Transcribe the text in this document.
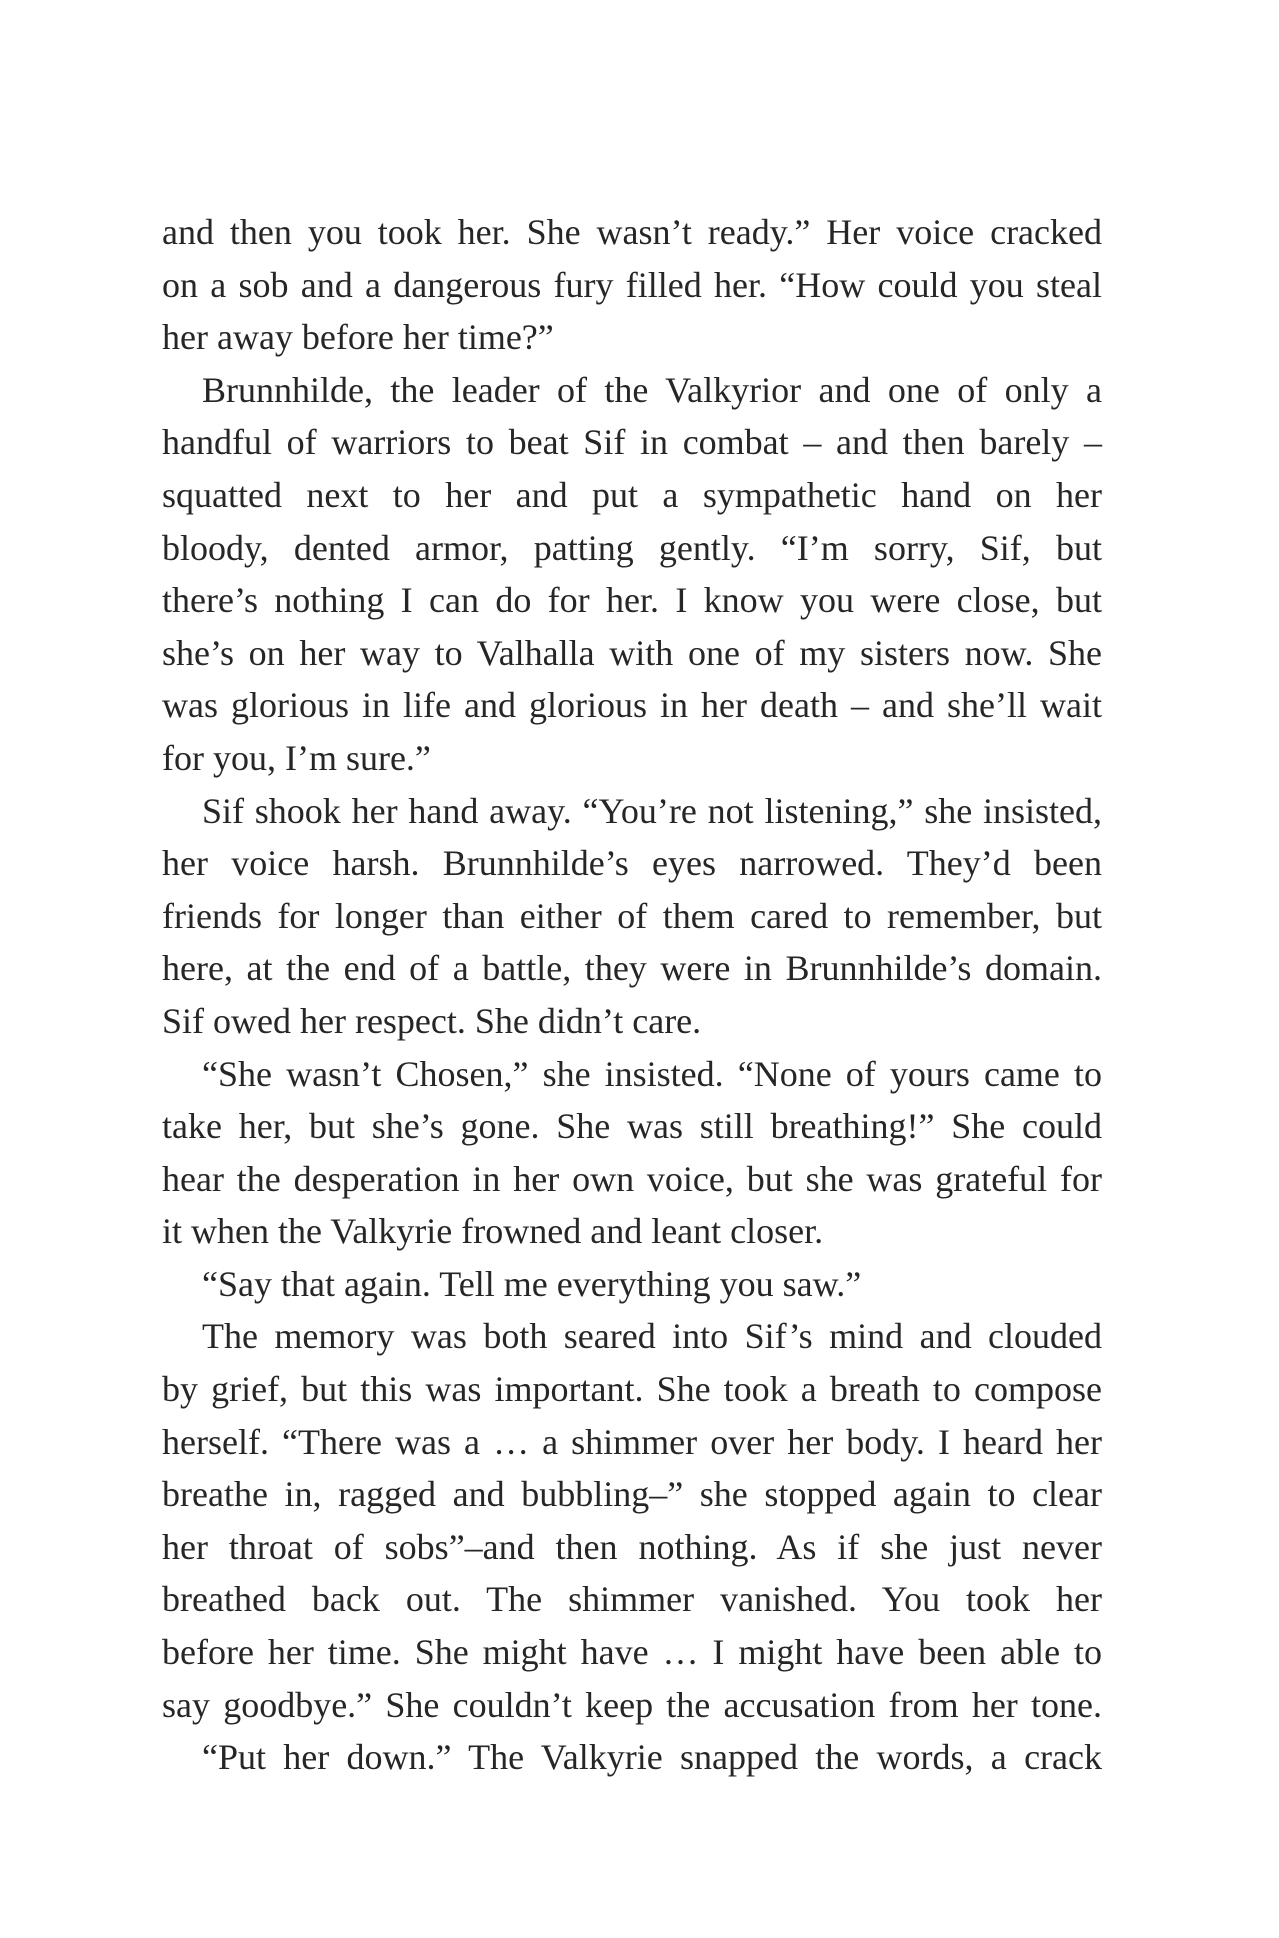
and then you took her. She wasn’t ready.” Her voice cracked
on a sob and a dangerous fury filled her. “How could you steal
her away before her time?”
Brunnhilde, the leader of the Valkyrior and one of only a
handful of warriors to beat Sif in combat – and then barely –
squatted next to her and put a sympathetic hand on her
bloody, dented armor, patting gently. “I’m sorry, Sif, but
there’s nothing I can do for her. I know you were close, but
she’s on her way to Valhalla with one of my sisters now. She
was glorious in life and glorious in her death – and she’ll wait
for you, I’m sure.”
Sif shook her hand away. “You’re not listening,” she insisted,
her voice harsh. Brunnhilde’s eyes narrowed. They’d been
friends for longer than either of them cared to remember, but
here, at the end of a battle, they were in Brunnhilde’s domain.
Sif owed her respect. She didn’t care.
“She wasn’t Chosen,” she insisted. “None of yours came to
take her, but she’s gone. She was still breathing!” She could
hear the desperation in her own voice, but she was grateful for
it when the Valkyrie frowned and leant closer.
“Say that again. Tell me everything you saw.”
The memory was both seared into Sif’s mind and clouded
by grief, but this was important. She took a breath to compose
herself. “There was a … a shimmer over her body. I heard her
breathe in, ragged and bubbling–” she stopped again to clear
her throat of sobs”–and then nothing. As if she just never
breathed back out. The shimmer vanished. You took her
before her time. She might have … I might have been able to
say goodbye.” She couldn’t keep the accusation from her tone.
“Put her down.” The Valkyrie snapped the words, a crack
